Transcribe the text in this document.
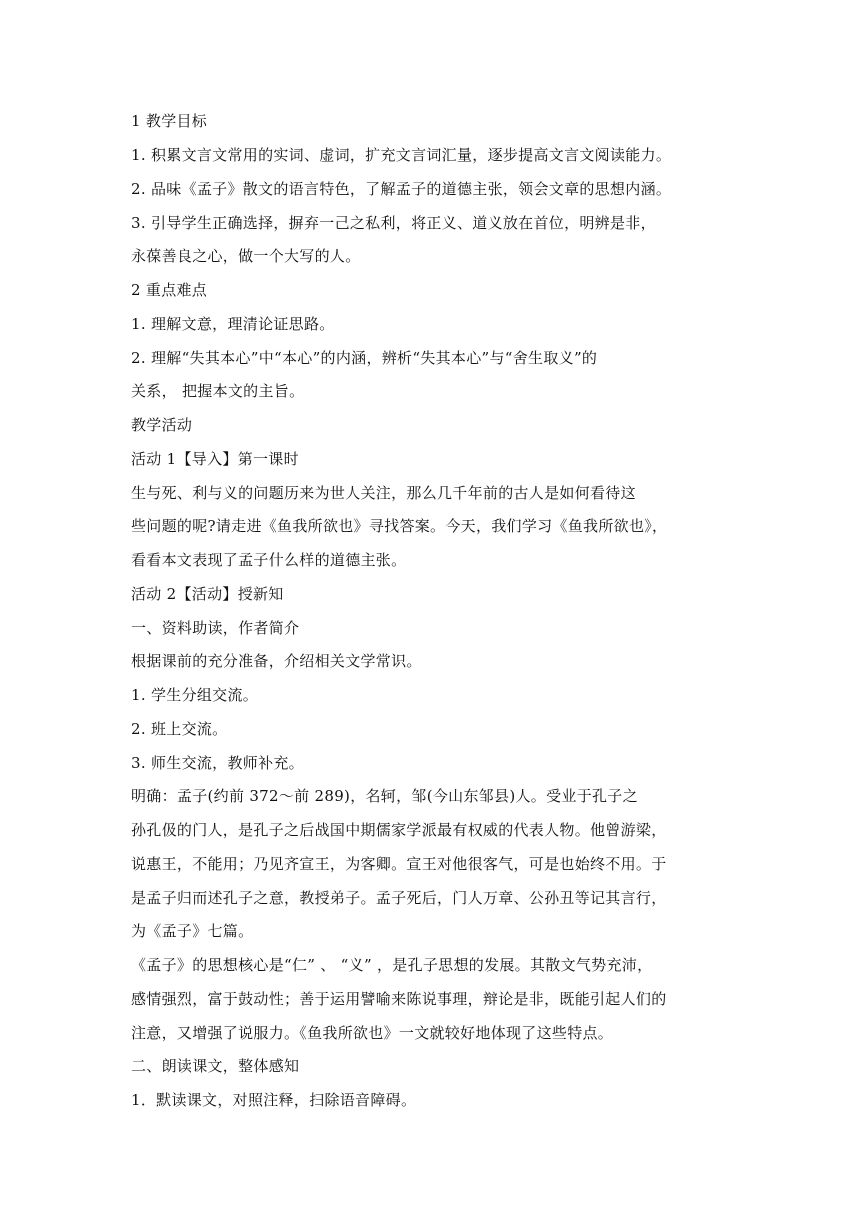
1 教学目标
1. 积累文言文常用的实词、虚词，扩充文言词汇量，逐步提高文言文阅读能力。
2. 品味《孟子》散文的语言特色，了解孟子的道德主张，领会文章的思想内涵。
3. 引导学生正确选择，摒弃一己之私利，将正义、道义放在首位，明辨是非，
永葆善良之心，做一个大写的人。
2 重点难点
1. 理解文意，理清论证思路。
2. 理解“失其本心”中“本心”的内涵，辨析“失其本心”与“舍生取义”的
关系， 把握本文的主旨。
教学活动
活动 1【导入】第一课时
生与死、利与义的问题历来为世人关注，那么几千年前的古人是如何看待这
些问题的呢?请走进《鱼我所欲也》寻找答案。今天，我们学习《鱼我所欲也》，
看看本文表现了孟子什么样的道德主张。
活动 2【活动】授新知
一、资料助读，作者简介
根据课前的充分准备，介绍相关文学常识。
1. 学生分组交流。
2. 班上交流。
3. 师生交流，教师补充。
明确：孟子(约前 372～前 289)，名轲，邹(今山东邹县)人。受业于孔子之
孙孔伋的门人，是孔子之后战国中期儒家学派最有权威的代表人物。他曾游梁，
说惠王，不能用；乃见齐宣王，为客卿。宣王对他很客气，可是也始终不用。于
是孟子归而述孔子之意，教授弟子。孟子死后，门人万章、公孙丑等记其言行，
为《孟子》七篇。
《孟子》的思想核心是“仁” 、 “义” ，是孔子思想的发展。其散文气势充沛，
感情强烈，富于鼓动性；善于运用譬喻来陈说事理，辩论是非，既能引起人们的
注意，又增强了说服力。《鱼我所欲也》一文就较好地体现了这些特点。
二、朗读课文，整体感知
1．默读课文，对照注释，扫除语音障碍。
